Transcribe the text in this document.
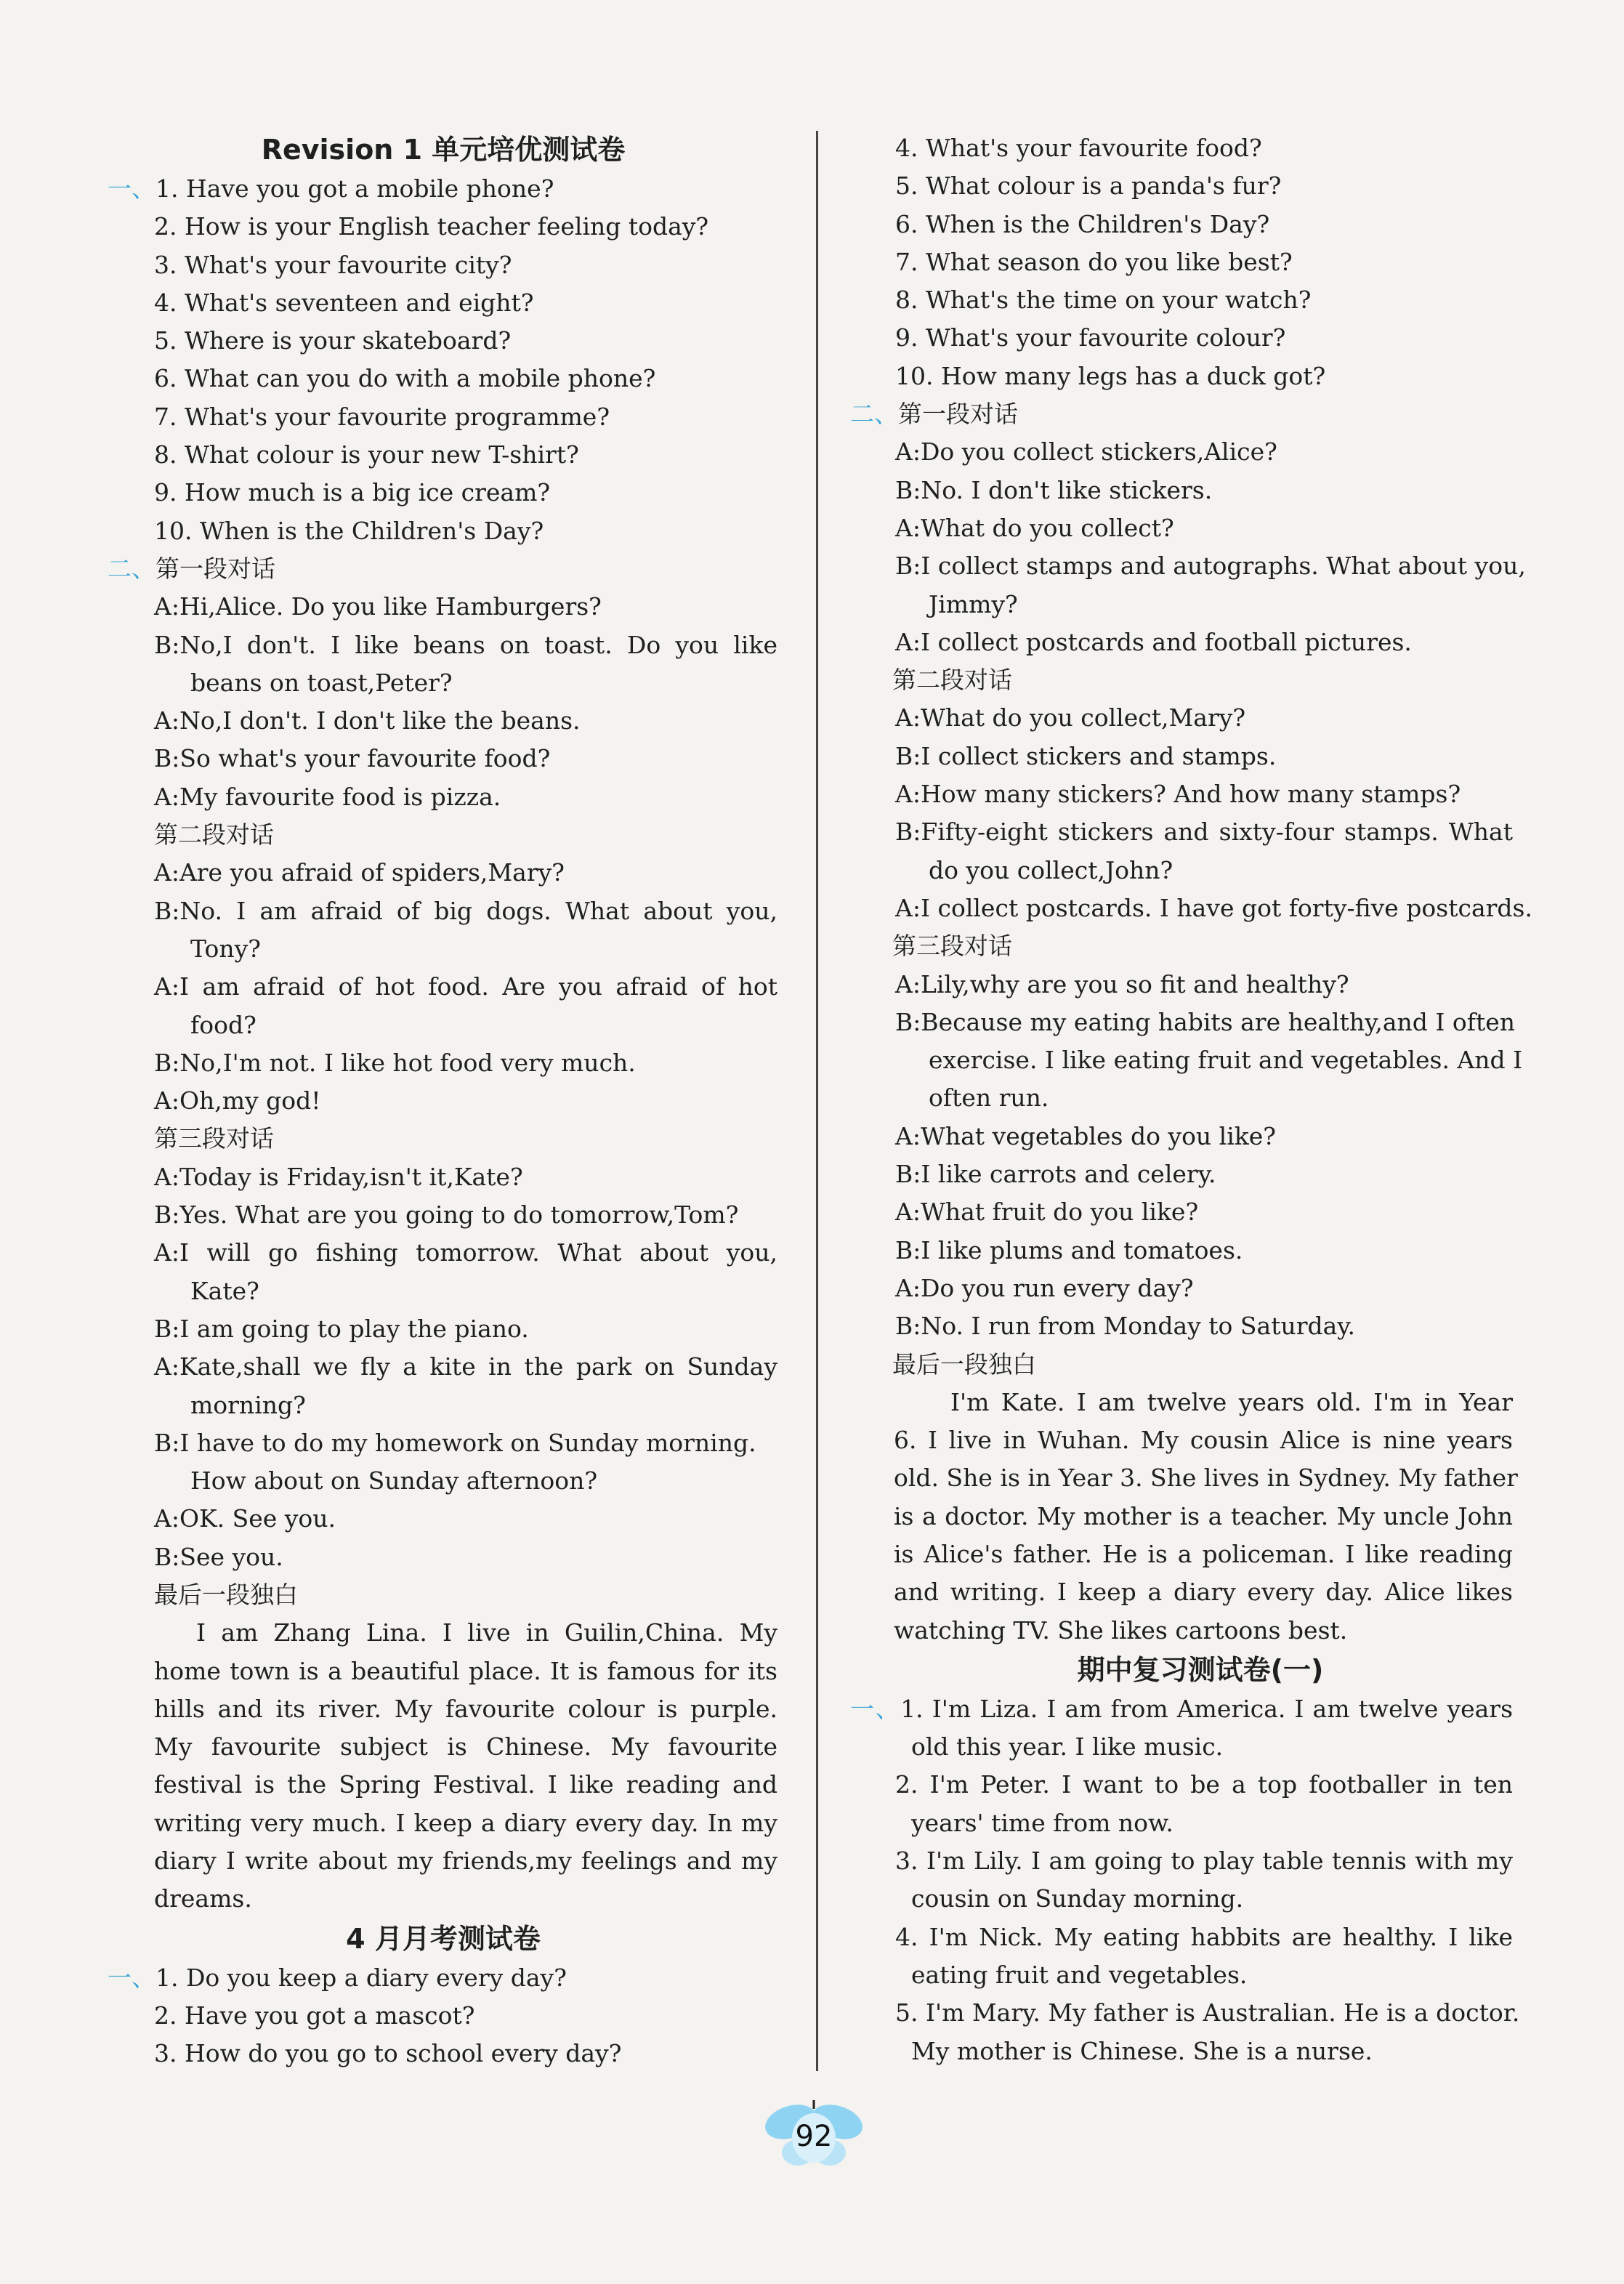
Revision 1 单元培优测试卷
一、1. Have you got a mobile phone?
2. How is your English teacher feeling today?
3. What's your favourite city?
4. What's seventeen and eight?
5. Where is your skateboard?
6. What can you do with a mobile phone?
7. What's your favourite programme?
8. What colour is your new T-shirt?
9. How much is a big ice cream?
10. When is the Children's Day?
二、第一段对话
A:Hi,Alice. Do you like Hamburgers?
B:No,I don't. I like beans on toast. Do you like
beans on toast,Peter?
A:No,I don't. I don't like the beans.
B:So what's your favourite food?
A:My favourite food is pizza.
第二段对话
A:Are you afraid of spiders,Mary?
B:No. I am afraid of big dogs. What about you,
Tony?
A:I am afraid of hot food. Are you afraid of hot
food?
B:No,I'm not. I like hot food very much.
A:Oh,my god!
第三段对话
A:Today is Friday,isn't it,Kate?
B:Yes. What are you going to do tomorrow,Tom?
A:I will go fishing tomorrow. What about you,
Kate?
B:I am going to play the piano.
A:Kate,shall we fly a kite in the park on Sunday
morning?
B:I have to do my homework on Sunday morning.
How about on Sunday afternoon?
A:OK. See you.
B:See you.
最后一段独白
I am Zhang Lina. I live in Guilin,China. My
home town is a beautiful place. It is famous for its
hills and its river. My favourite colour is purple.
My favourite subject is Chinese. My favourite
festival is the Spring Festival. I like reading and
writing very much. I keep a diary every day. In my
diary I write about my friends,my feelings and my
dreams.
4 月月考测试卷
一、1. Do you keep a diary every day?
2. Have you got a mascot?
3. How do you go to school every day?
4. What's your favourite food?
5. What colour is a panda's fur?
6. When is the Children's Day?
7. What season do you like best?
8. What's the time on your watch?
9. What's your favourite colour?
10. How many legs has a duck got?
二、第一段对话
A:Do you collect stickers,Alice?
B:No. I don't like stickers.
A:What do you collect?
B:I collect stamps and autographs. What about you,
Jimmy?
A:I collect postcards and football pictures.
第二段对话
A:What do you collect,Mary?
B:I collect stickers and stamps.
A:How many stickers? And how many stamps?
B:Fifty-eight stickers and sixty-four stamps. What
do you collect,John?
A:I collect postcards. I have got forty-five postcards.
第三段对话
A:Lily,why are you so fit and healthy?
B:Because my eating habits are healthy,and I often
exercise. I like eating fruit and vegetables. And I
often run.
A:What vegetables do you like?
B:I like carrots and celery.
A:What fruit do you like?
B:I like plums and tomatoes.
A:Do you run every day?
B:No. I run from Monday to Saturday.
最后一段独白
I'm Kate. I am twelve years old. I'm in Year
6. I live in Wuhan. My cousin Alice is nine years
old. She is in Year 3. She lives in Sydney. My father
is a doctor. My mother is a teacher. My uncle John
is Alice's father. He is a policeman. I like reading
and writing. I keep a diary every day. Alice likes
watching TV. She likes cartoons best.
期中复习测试卷(一)
一、1. I'm Liza. I am from America. I am twelve years
old this year. I like music.
2. I'm Peter. I want to be a top footballer in ten
years' time from now.
3. I'm Lily. I am going to play table tennis with my
cousin on Sunday morning.
4. I'm Nick. My eating habbits are healthy. I like
eating fruit and vegetables.
5. I'm Mary. My father is Australian. He is a doctor.
My mother is Chinese. She is a nurse.
92
